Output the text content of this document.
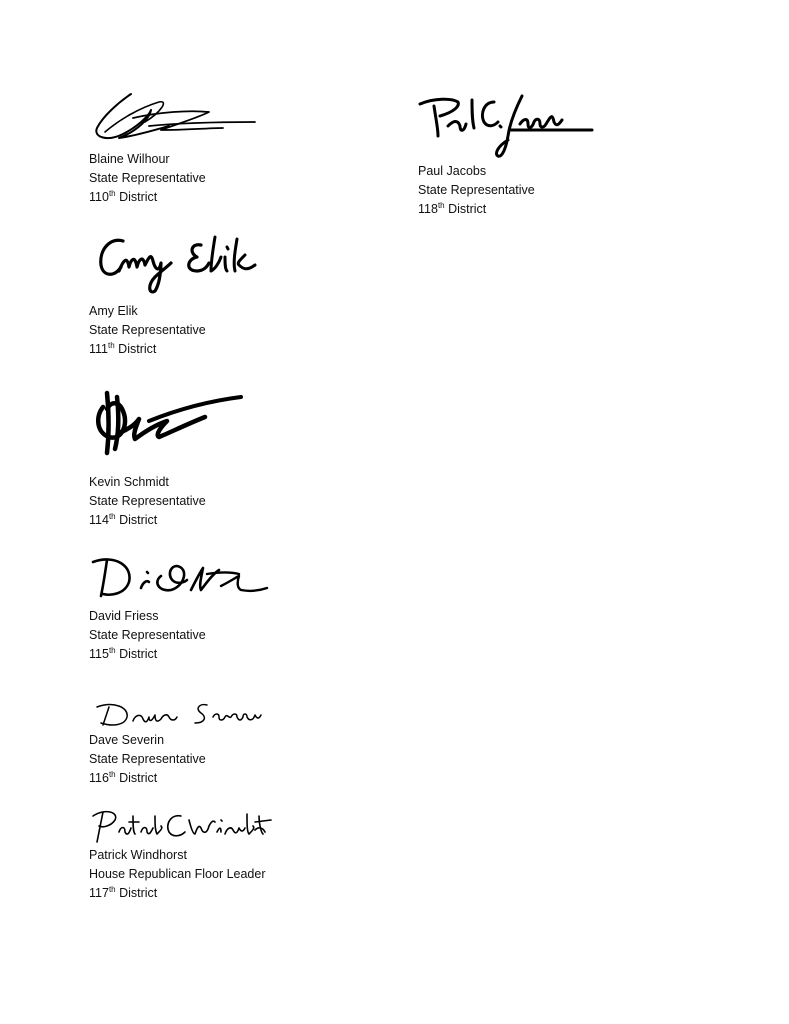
Blaine Wilhour
State Representative
110th District
Amy Elik
State Representative
111th District
Kevin Schmidt
State Representative
114th District
David Friess
State Representative
115th District
Dave Severin
State Representative
116th District
Patrick Windhorst
House Republican Floor Leader
117th District
Paul Jacobs
State Representative
118th District
